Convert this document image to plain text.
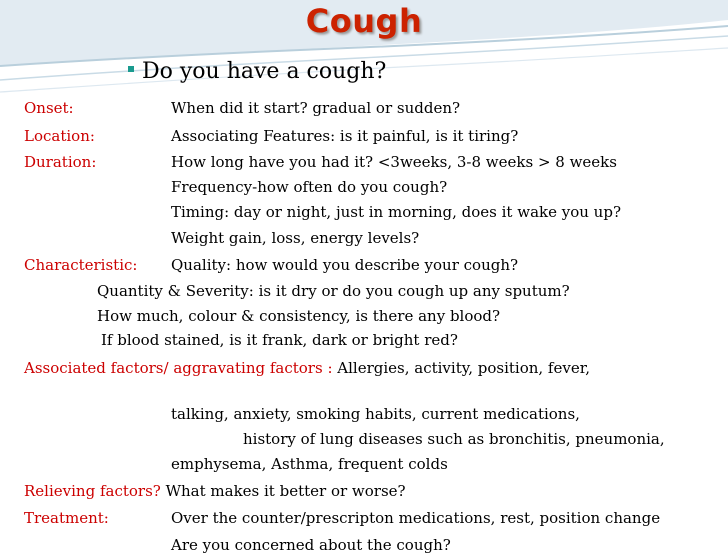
Cough
Do you have a cough?
Onset:	When did it start? gradual or sudden?
Location:	Associating Features: is it painful, is it tiring?
Duration:	How long have you had it? <3weeks, 3-8 weeks > 8 weeks
Frequency-how often do you cough?
Timing: day or night, just in morning, does it wake you up?
Weight gain, loss, energy levels?
Characteristic: Quality: how would you describe your cough?
Quantity & Severity: is it dry or do you cough up any sputum?
How much, colour & consistency, is there any blood?
If blood stained, is it frank, dark or bright red?
Associated factors/ aggravating factors : Allergies, activity, position, fever,
talking, anxiety, smoking habits, current medications,
history of lung diseases such as bronchitis, pneumonia,
emphysema, Asthma, frequent colds
Relieving factors? What makes it better or worse?
Treatment:	Over the counter/prescripton medications, rest, position change
Are you concerned about the cough?
